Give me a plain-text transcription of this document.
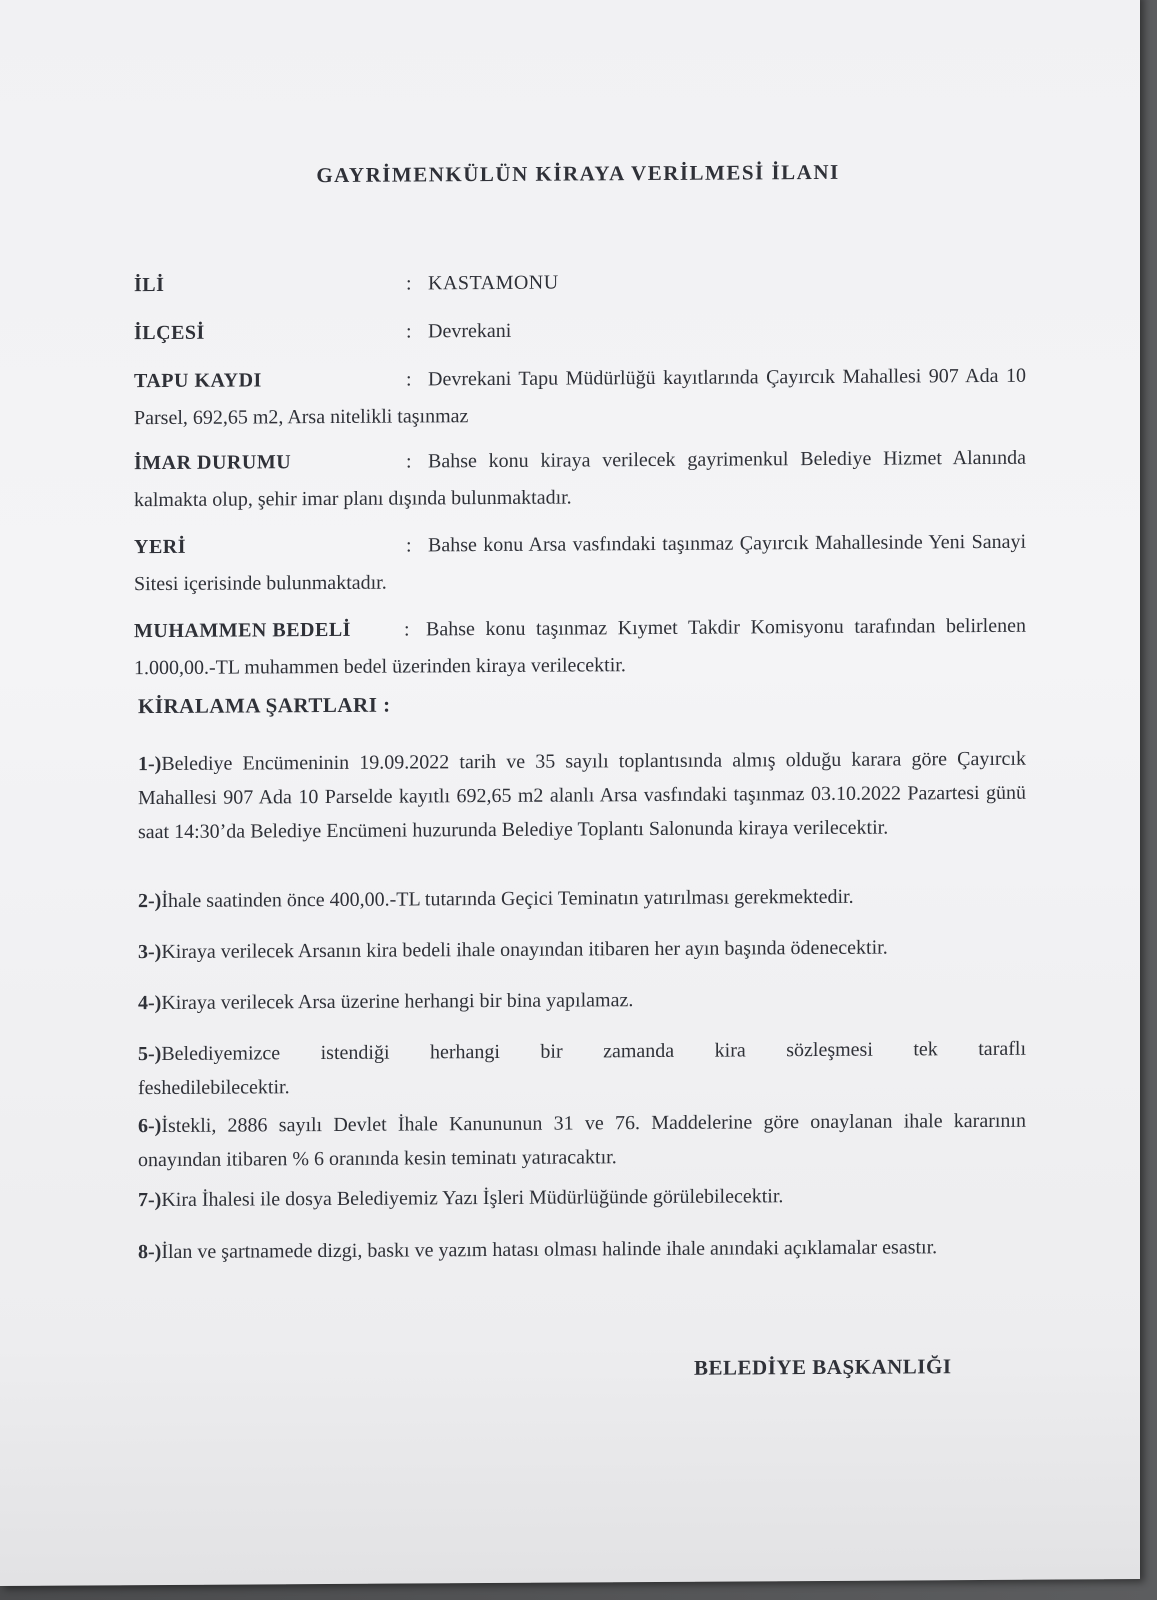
GAYRİMENKÜLÜN KİRAYA VERİLMESİ İLANI
İLİ	: KASTAMONU
İLÇESİ	: Devrekani
TAPU KAYDI	: Devrekani Tapu Müdürlüğü kayıtlarında Çayırcık Mahallesi 907 Ada 10 Parsel, 692,65 m2, Arsa nitelikli taşınmaz
İMAR DURUMU	: Bahse konu kiraya verilecek gayrimenkul Belediye Hizmet Alanında kalmakta olup, şehir imar planı dışında bulunmaktadır.
YERİ	: Bahse konu Arsa vasfındaki taşınmaz Çayırcık Mahallesinde Yeni Sanayi Sitesi içerisinde bulunmaktadır.
MUHAMMEN BEDELİ	: Bahse konu taşınmaz Kıymet Takdir Komisyonu tarafından belirlenen 1.000,00.-TL muhammen bedel üzerinden kiraya verilecektir.
KİRALAMA ŞARTLARI :
1-)Belediye Encümeninin 19.09.2022 tarih ve 35 sayılı toplantısında almış olduğu karara göre Çayırcık Mahallesi 907 Ada 10 Parselde kayıtlı 692,65 m2 alanlı Arsa vasfındaki taşınmaz 03.10.2022 Pazartesi günü saat 14:30’da Belediye Encümeni huzurunda Belediye Toplantı Salonunda kiraya verilecektir.
2-)İhale saatinden önce 400,00.-TL tutarında Geçici Teminatın yatırılması gerekmektedir.
3-)Kiraya verilecek Arsanın kira bedeli ihale onayından itibaren her ayın başında ödenecektir.
4-)Kiraya verilecek Arsa üzerine herhangi bir bina yapılamaz.
5-)Belediyemizce istendiği herhangi bir zamanda kira sözleşmesi tek taraflı feshedilebilecektir.
6-)İstekli, 2886 sayılı Devlet İhale Kanununun 31 ve 76. Maddelerine göre onaylanan ihale kararının onayından itibaren % 6 oranında kesin teminatı yatıracaktır.
7-)Kira İhalesi ile dosya Belediyemiz Yazı İşleri Müdürlüğünde görülebilecektir.
8-)İlan ve şartnamede dizgi, baskı ve yazım hatası olması halinde ihale anındaki açıklamalar esastır.
BELEDİYE BAŞKANLIĞI
